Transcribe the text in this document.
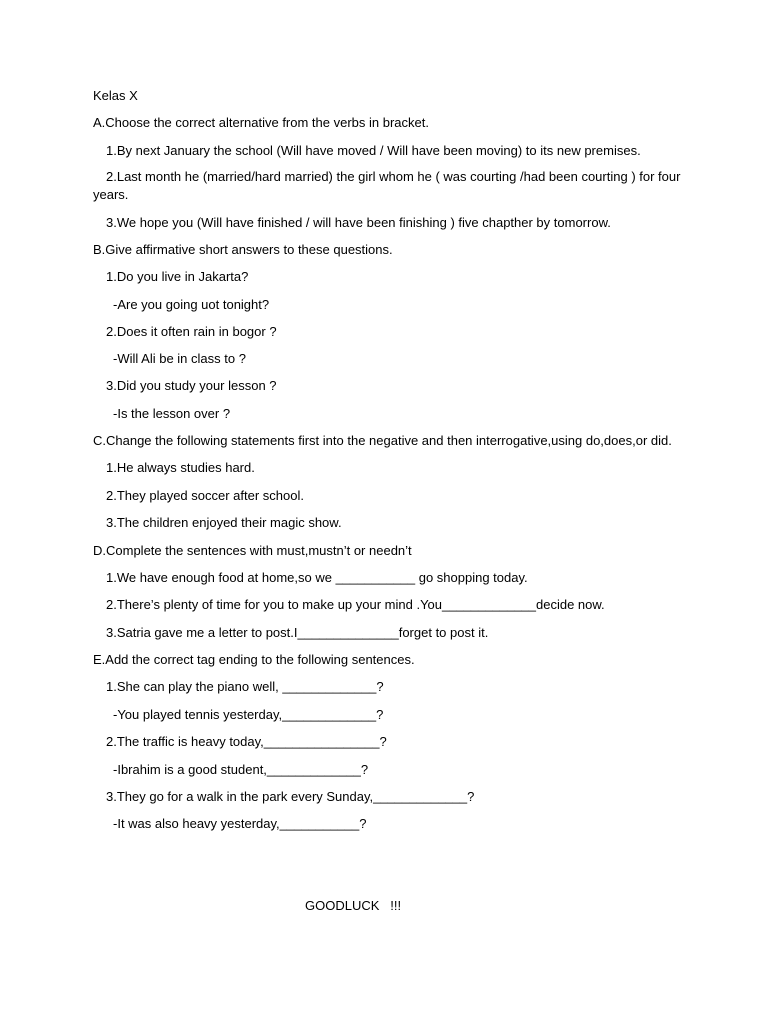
Kelas X
A.Choose the correct alternative from the verbs in bracket.
1.By next January the school (Will have moved / Will have been moving) to its new premises.
2.Last month he (married/hard married) the girl whom he ( was courting /had been courting ) for four years.
3.We hope you (Will have finished / will have been finishing ) five chapther by tomorrow.
B.Give affirmative short answers to these questions.
1.Do you live in Jakarta?
-Are you going uot tonight?
2.Does it often rain in bogor ?
-Will Ali be in class to ?
3.Did you study your lesson ?
-Is the lesson over ?
C.Change the following statements first into the negative and then interrogative,using do,does,or did.
1.He always studies hard.
2.They played soccer after school.
3.The children enjoyed their magic show.
D.Complete the sentences with must,mustn’t or needn’t
1.We have enough food at home,so we ___________ go shopping today.
2.There’s plenty of time for you to make up your mind .You_____________decide now.
3.Satria gave me a letter to post.I______________forget to post it.
E.Add the correct tag ending to the following sentences.
1.She can play the piano well, _____________?
-You played tennis yesterday,_____________?
2.The traffic is heavy today,________________?
-Ibrahim is a good student,_____________?
3.They go for a walk in the park every Sunday,_____________?
-It was also heavy yesterday,___________?
GOODLUCK   !!!
